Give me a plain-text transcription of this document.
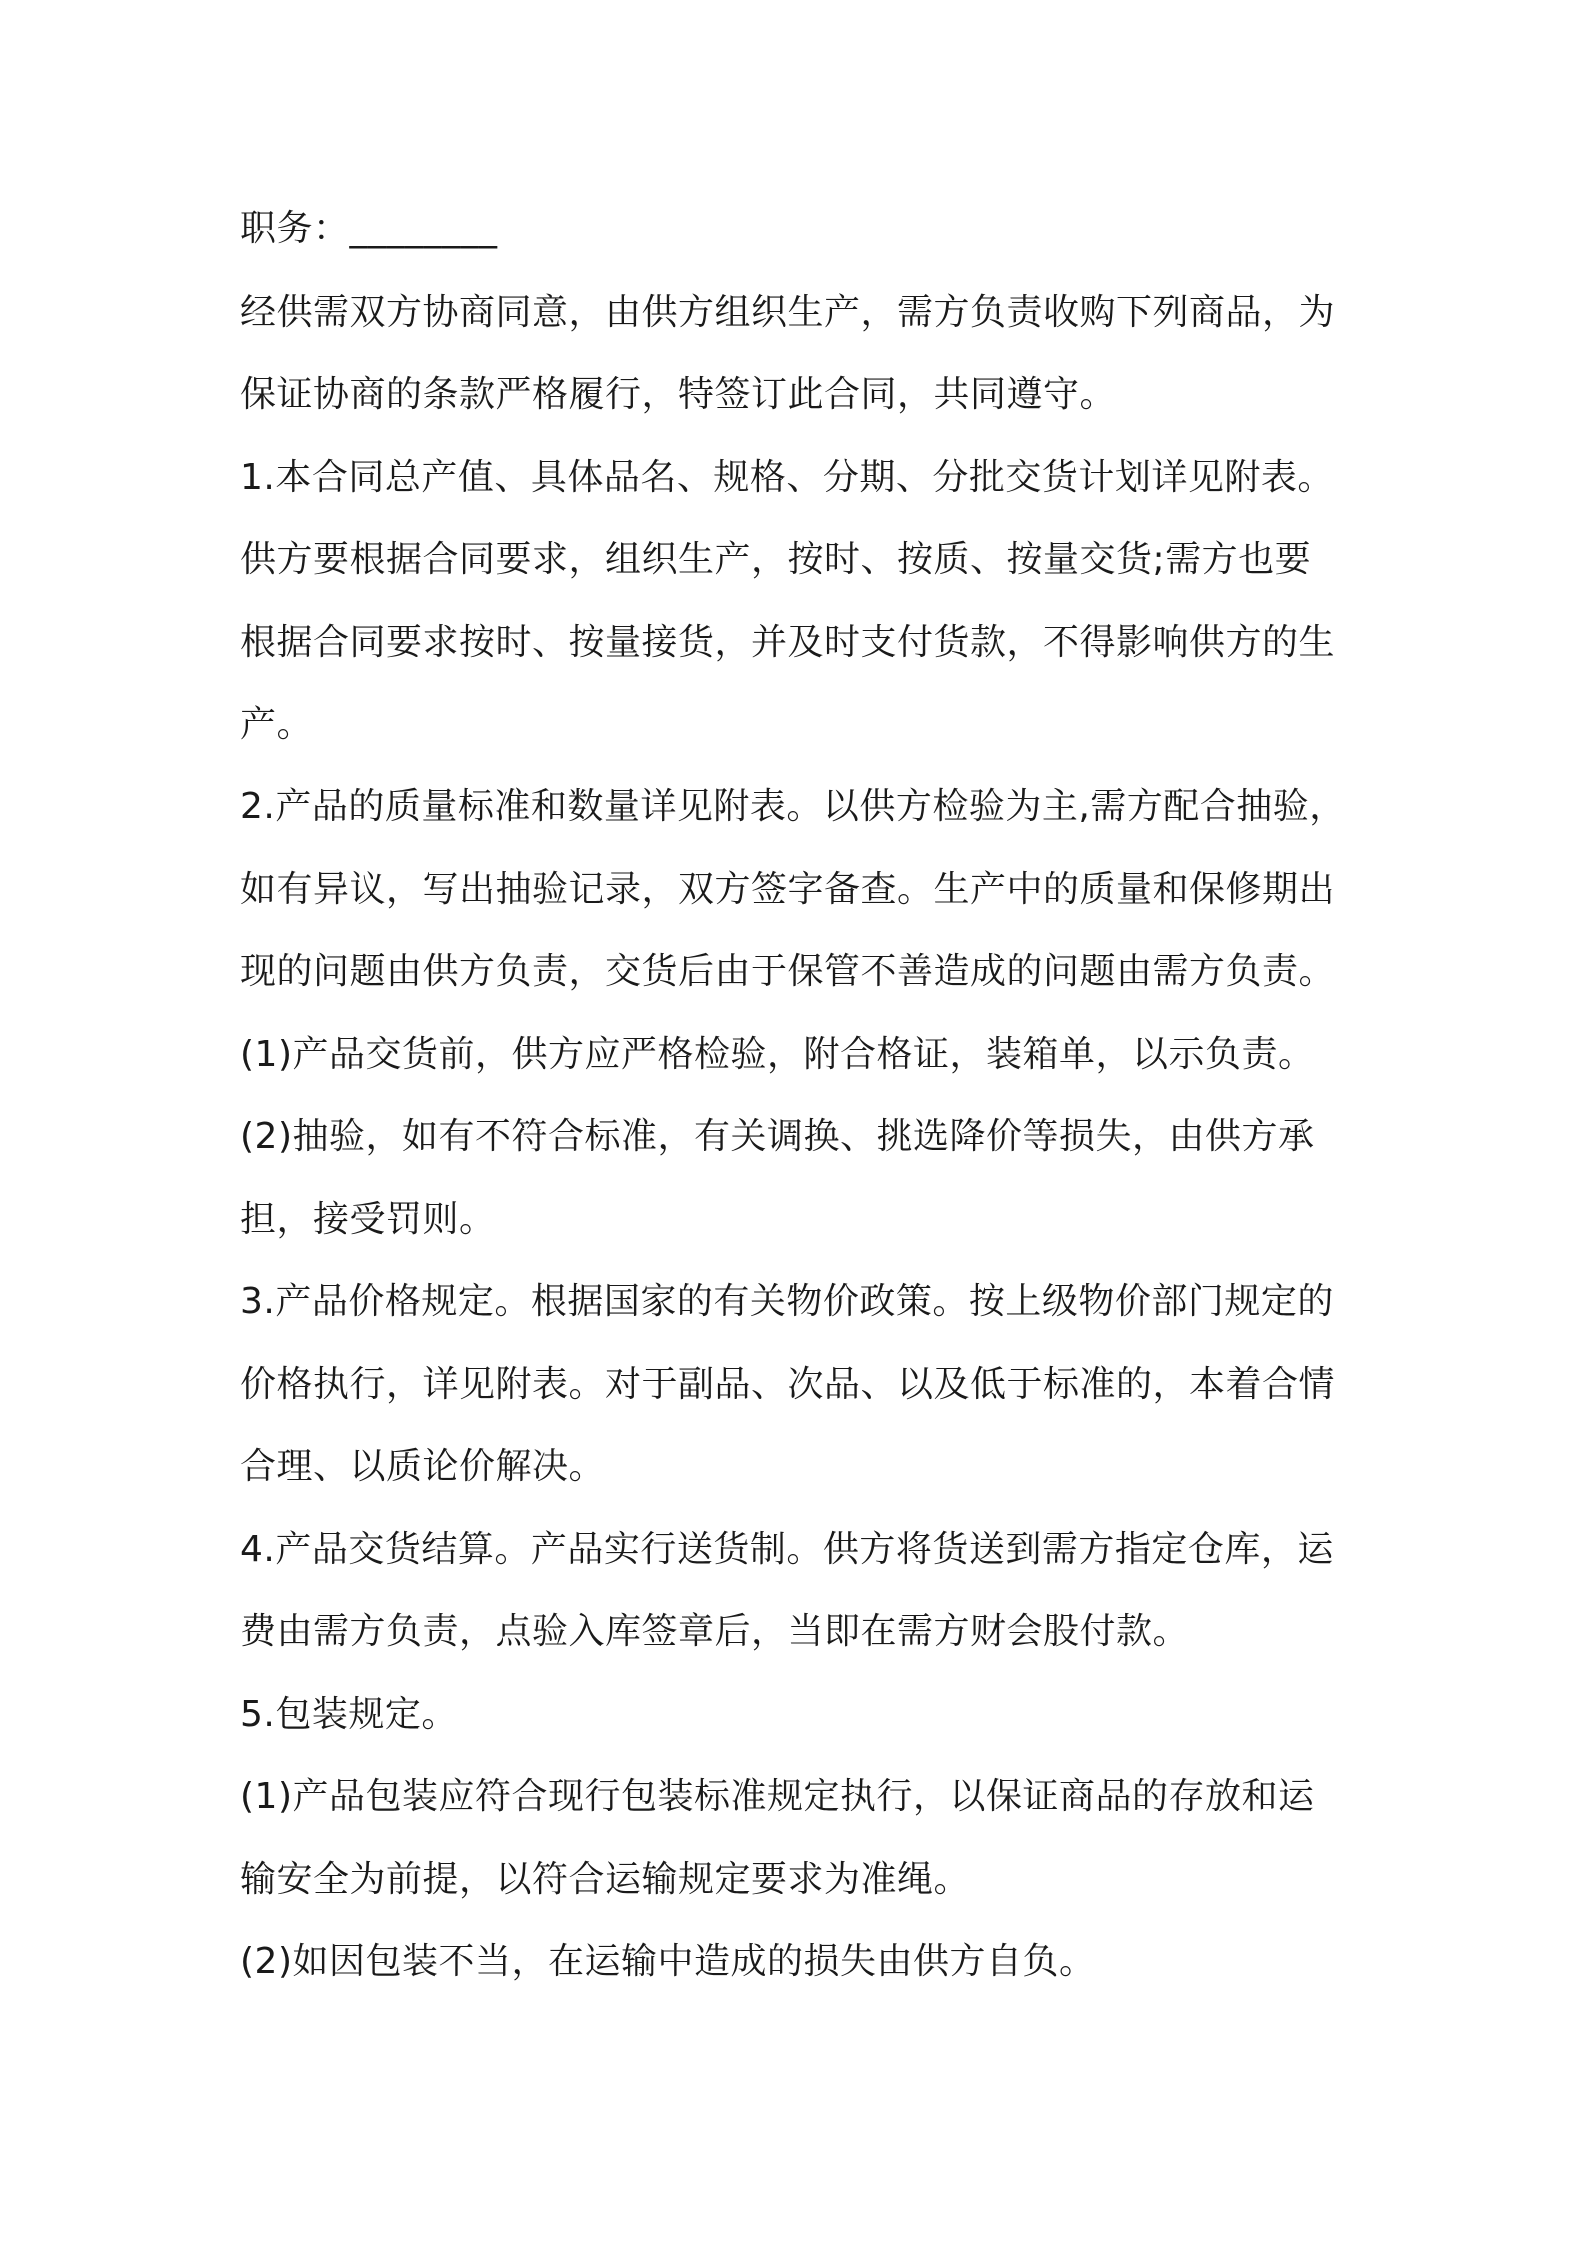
职务：________

经供需双方协商同意，由供方组织生产，需方负责收购下列商品，为

保证协商的条款严格履行，特签订此合同，共同遵守。

1.本合同总产值、具体品名、规格、分期、分批交货计划详见附表。

供方要根据合同要求，组织生产，按时、按质、按量交货;需方也要

根据合同要求按时、按量接货，并及时支付货款，不得影响供方的生

产。

2.产品的质量标准和数量详见附表。以供方检验为主,需方配合抽验，

如有异议，写出抽验记录，双方签字备查。生产中的质量和保修期出

现的问题由供方负责，交货后由于保管不善造成的问题由需方负责。

(1)产品交货前，供方应严格检验，附合格证，装箱单，以示负责。

(2)抽验，如有不符合标准，有关调换、挑选降价等损失，由供方承

担，接受罚则。

3.产品价格规定。根据国家的有关物价政策。按上级物价部门规定的

价格执行，详见附表。对于副品、次品、以及低于标准的，本着合情

合理、以质论价解决。

4.产品交货结算。产品实行送货制。供方将货送到需方指定仓库，运

费由需方负责，点验入库签章后，当即在需方财会股付款。

5.包装规定。

(1)产品包装应符合现行包装标准规定执行，以保证商品的存放和运

输安全为前提，以符合运输规定要求为准绳。

(2)如因包装不当，在运输中造成的损失由供方自负。
